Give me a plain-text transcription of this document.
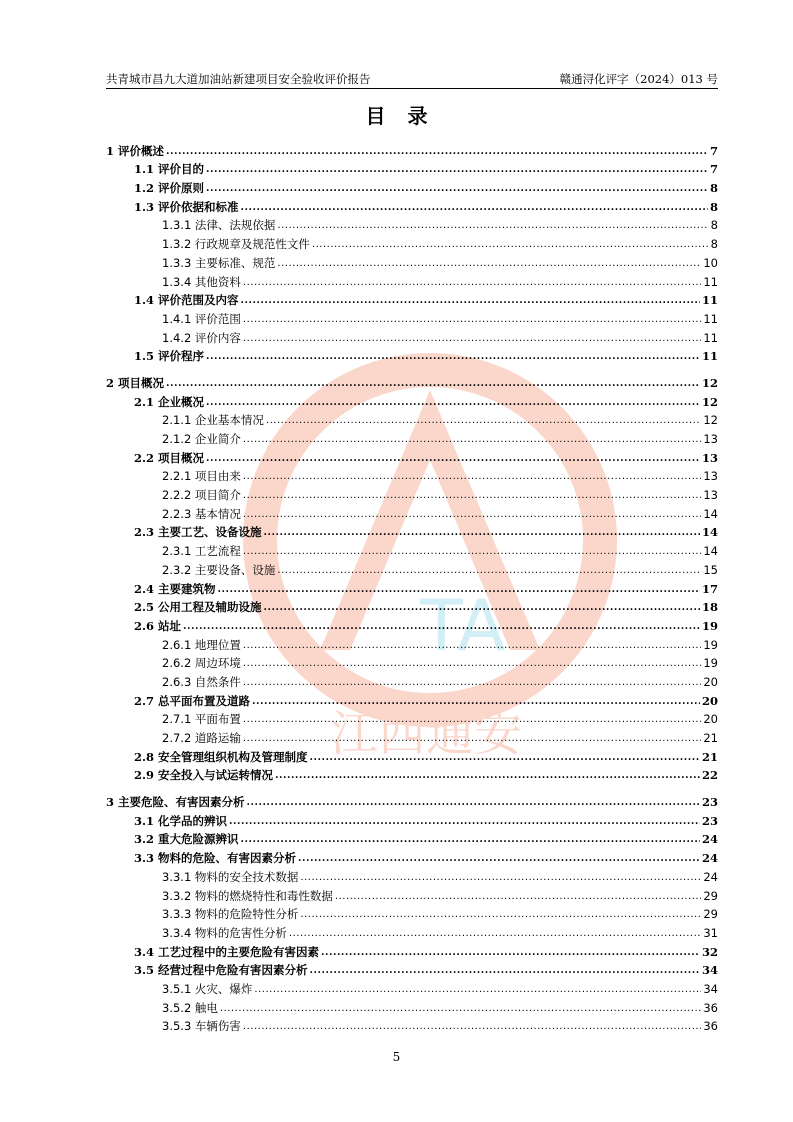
共青城市昌九大道加油站新建项目安全验收评价报告	赣通浔化评字（2024）013 号
目录
TA
江西通安
1 评价概述 .....	7
1.1 评价目的 .....	7
1.2 评价原则 .....	8
1.3 评价依据和标准 .....	8
1.3.1 法律、法规依据 .....	8
1.3.2 行政规章及规范性文件 .....	8
1.3.3 主要标准、规范 .....	10
1.3.4 其他资料 .....	11
1.4 评价范围及内容 .....	11
1.4.1 评价范围 .....	11
1.4.2 评价内容 .....	11
1.5 评价程序 .....	11
2 项目概况 .....	12
2.1 企业概况 .....	12
2.1.1 企业基本情况 .....	12
2.1.2 企业简介 .....	13
2.2 项目概况 .....	13
2.2.1 项目由来 .....	13
2.2.2 项目简介 .....	13
2.2.3 基本情况 .....	14
2.3 主要工艺、设备设施 .....	14
2.3.1 工艺流程 .....	14
2.3.2 主要设备、设施 .....	15
2.4 主要建筑物 .....	17
2.5 公用工程及辅助设施 .....	18
2.6 站址 .....	19
2.6.1 地理位置 .....	19
2.6.2 周边环境 .....	19
2.6.3 自然条件 .....	20
2.7 总平面布置及道路 .....	20
2.7.1 平面布置 .....	20
2.7.2 道路运输 .....	21
2.8 安全管理组织机构及管理制度 .....	21
2.9 安全投入与试运转情况 .....	22
3 主要危险、有害因素分析 .....	23
3.1 化学品的辨识 .....	23
3.2 重大危险源辨识 .....	24
3.3 物料的危险、有害因素分析 .....	24
3.3.1 物料的安全技术数据 .....	24
3.3.2 物料的燃烧特性和毒性数据 .....	29
3.3.3 物料的危险特性分析 .....	29
3.3.4 物料的危害性分析 .....	31
3.4 工艺过程中的主要危险有害因素 .....	32
3.5 经营过程中危险有害因素分析 .....	34
3.5.1 火灾、爆炸 .....	34
3.5.2 触电 .....	36
3.5.3 车辆伤害 .....	36
5
